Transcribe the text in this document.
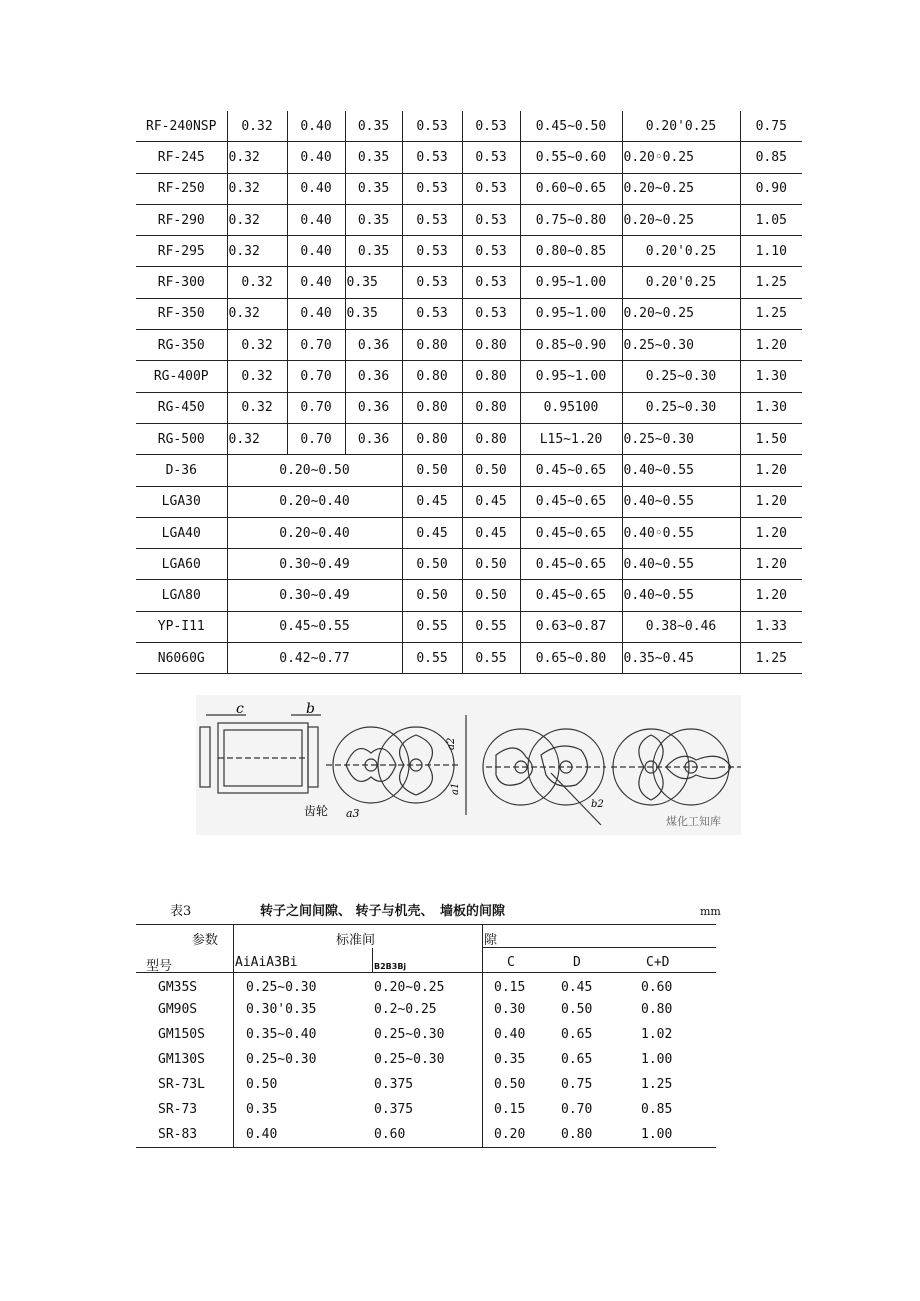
RF-240NSP	0.32	0.40	0.35	0.53	0.53	0.45~0.50	0.20'0.25	0.75
RF-245	0.32	0.40	0.35	0.53	0.53	0.55~0.60	0.20◦0.25	0.85
RF-250	0.32	0.40	0.35	0.53	0.53	0.60~0.65	0.20~0.25	0.90
RF-290	0.32	0.40	0.35	0.53	0.53	0.75~0.80	0.20~0.25	1.05
RF-295	0.32	0.40	0.35	0.53	0.53	0.80~0.85	0.20'0.25	1.10
RF-300	0.32	0.40	0.35	0.53	0.53	0.95~1.00	0.20'0.25	1.25
RF-350	0.32	0.40	0.35	0.53	0.53	0.95~1.00	0.20~0.25	1.25
RG-350	0.32	0.70	0.36	0.80	0.80	0.85~0.90	0.25~0.30	1.20
RG-400P	0.32	0.70	0.36	0.80	0.80	0.95~1.00	0.25~0.30	1.30
RG-450	0.32	0.70	0.36	0.80	0.80	0.95100	0.25~0.30	1.30
RG-500	0.32	0.70	0.36	0.80	0.80	L15~1.20	0.25~0.30	1.50
D-36	0.20~0.50			0.50	0.50	0.45~0.65	0.40~0.55	1.20
LGA30	0.20~0.40			0.45	0.45	0.45~0.65	0.40~0.55	1.20
LGA40	0.20~0.40			0.45	0.45	0.45~0.65	0.40◦0.55	1.20
LGA60	0.30~0.49			0.50	0.50	0.45~0.65	0.40~0.55	1.20
LGΛ80	0.30~0.49			0.50	0.50	0.45~0.65	0.40~0.55	1.20
YP-I11	0.45~0.55			0.55	0.55	0.63~0.87	0.38~0.46	1.33
N6060G	0.42~0.77			0.55	0.55	0.65~0.80	0.35~0.45	1.25
c	b
齿轮 a3
a2
a1
b2
煤化工知库
表3	转子之间间隙、 转子与机壳、　墙板的间隙	mm
参数	标准间	隙
型号	AiAiA3Bi	B2B3Bj	C	D	C+D
GM35S	0.25~0.30	0.20~0.25	0.15	0.45	0.60
GM90S	0.30'0.35	0.2~0.25	0.30	0.50	0.80
GM150S	0.35~0.40	0.25~0.30	0.40	0.65	1.02
GM130S	0.25~0.30	0.25~0.30	0.35	0.65	1.00
SR-73L	0.50	0.375	0.50	0.75	1.25
SR-73	0.35	0.375	0.15	0.70	0.85
SR-83	0.40	0.60	0.20	0.80	1.00
